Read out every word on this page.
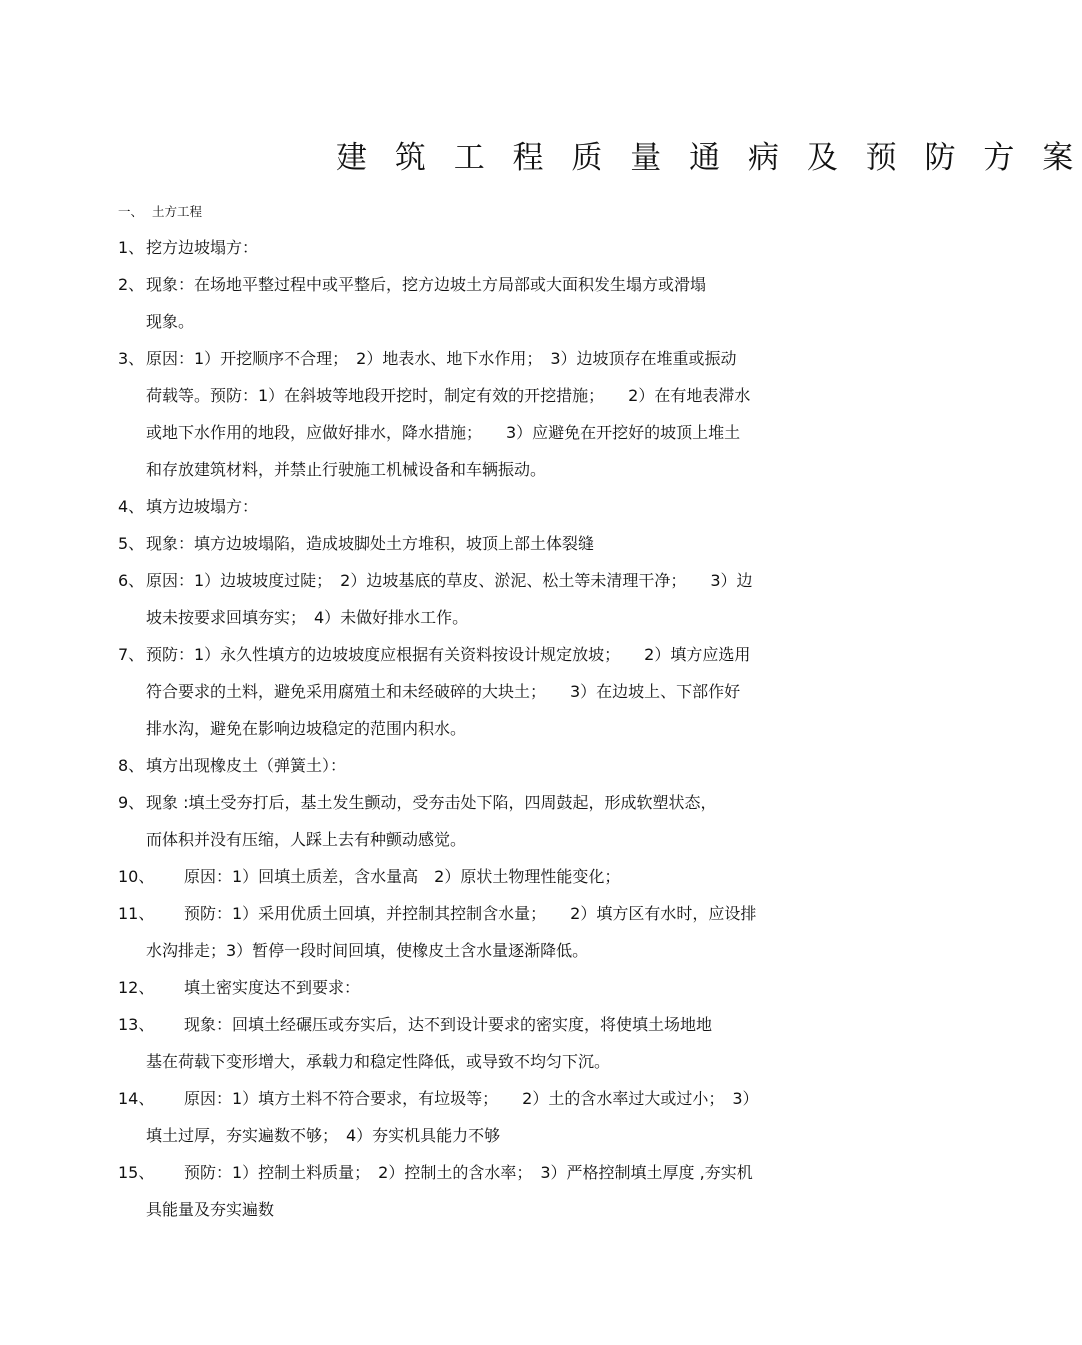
建 筑 工 程 质 量 通 病 及 预 防 方 案
一、 土方工程
1、 挖方边坡塌方：
2、 现象：在场地平整过程中或平整后，挖方边坡土方局部或大面积发生塌方或滑塌
现象。
3、 原因：1）开挖顺序不合理；　2）地表水、地下水作用；　3）边坡顶存在堆重或振动
荷载等。预防：1）在斜坡等地段开挖时，制定有效的开挖措施；　　2）在有地表滞水
或地下水作用的地段，应做好排水，降水措施；　　3）应避免在开挖好的坡顶上堆土
和存放建筑材料，并禁止行驶施工机械设备和车辆振动。
4、 填方边坡塌方：
5、 现象：填方边坡塌陷，造成坡脚处土方堆积，坡顶上部土体裂缝
6、 原因：1）边坡坡度过陡；　2）边坡基底的草皮、淤泥、松土等未清理干净；　　3）边
坡未按要求回填夯实；　4）未做好排水工作。
7、 预防：1）永久性填方的边坡坡度应根据有关资料按设计规定放坡；　　2）填方应选用
符合要求的土料，避免采用腐殖土和未经破碎的大块土；　　3）在边坡上、下部作好
排水沟，避免在影响边坡稳定的范围内积水。
8、 填方出现橡皮土（弹簧土）：
9、 现象 :填土受夯打后，基土发生颤动，受夯击处下陷，四周鼓起，形成软塑状态，
而体积并没有压缩，人踩上去有种颤动感觉。
10、 原因：1）回填土质差，含水量高　2）原状土物理性能变化；
11、 预防：1）采用优质土回填，并控制其控制含水量；　　2）填方区有水时，应设排
水沟排走；3）暂停一段时间回填，使橡皮土含水量逐渐降低。
12、 填土密实度达不到要求：
13、 现象：回填土经碾压或夯实后，达不到设计要求的密实度，将使填土场地地
基在荷载下变形增大，承载力和稳定性降低，或导致不均匀下沉。
14、 原因：1）填方土料不符合要求，有垃圾等；　　2）土的含水率过大或过小；　3）
填土过厚，夯实遍数不够；　4）夯实机具能力不够
15、 预防：1）控制土料质量；　2）控制土的含水率；　3）严格控制填土厚度 ,夯实机
具能量及夯实遍数
